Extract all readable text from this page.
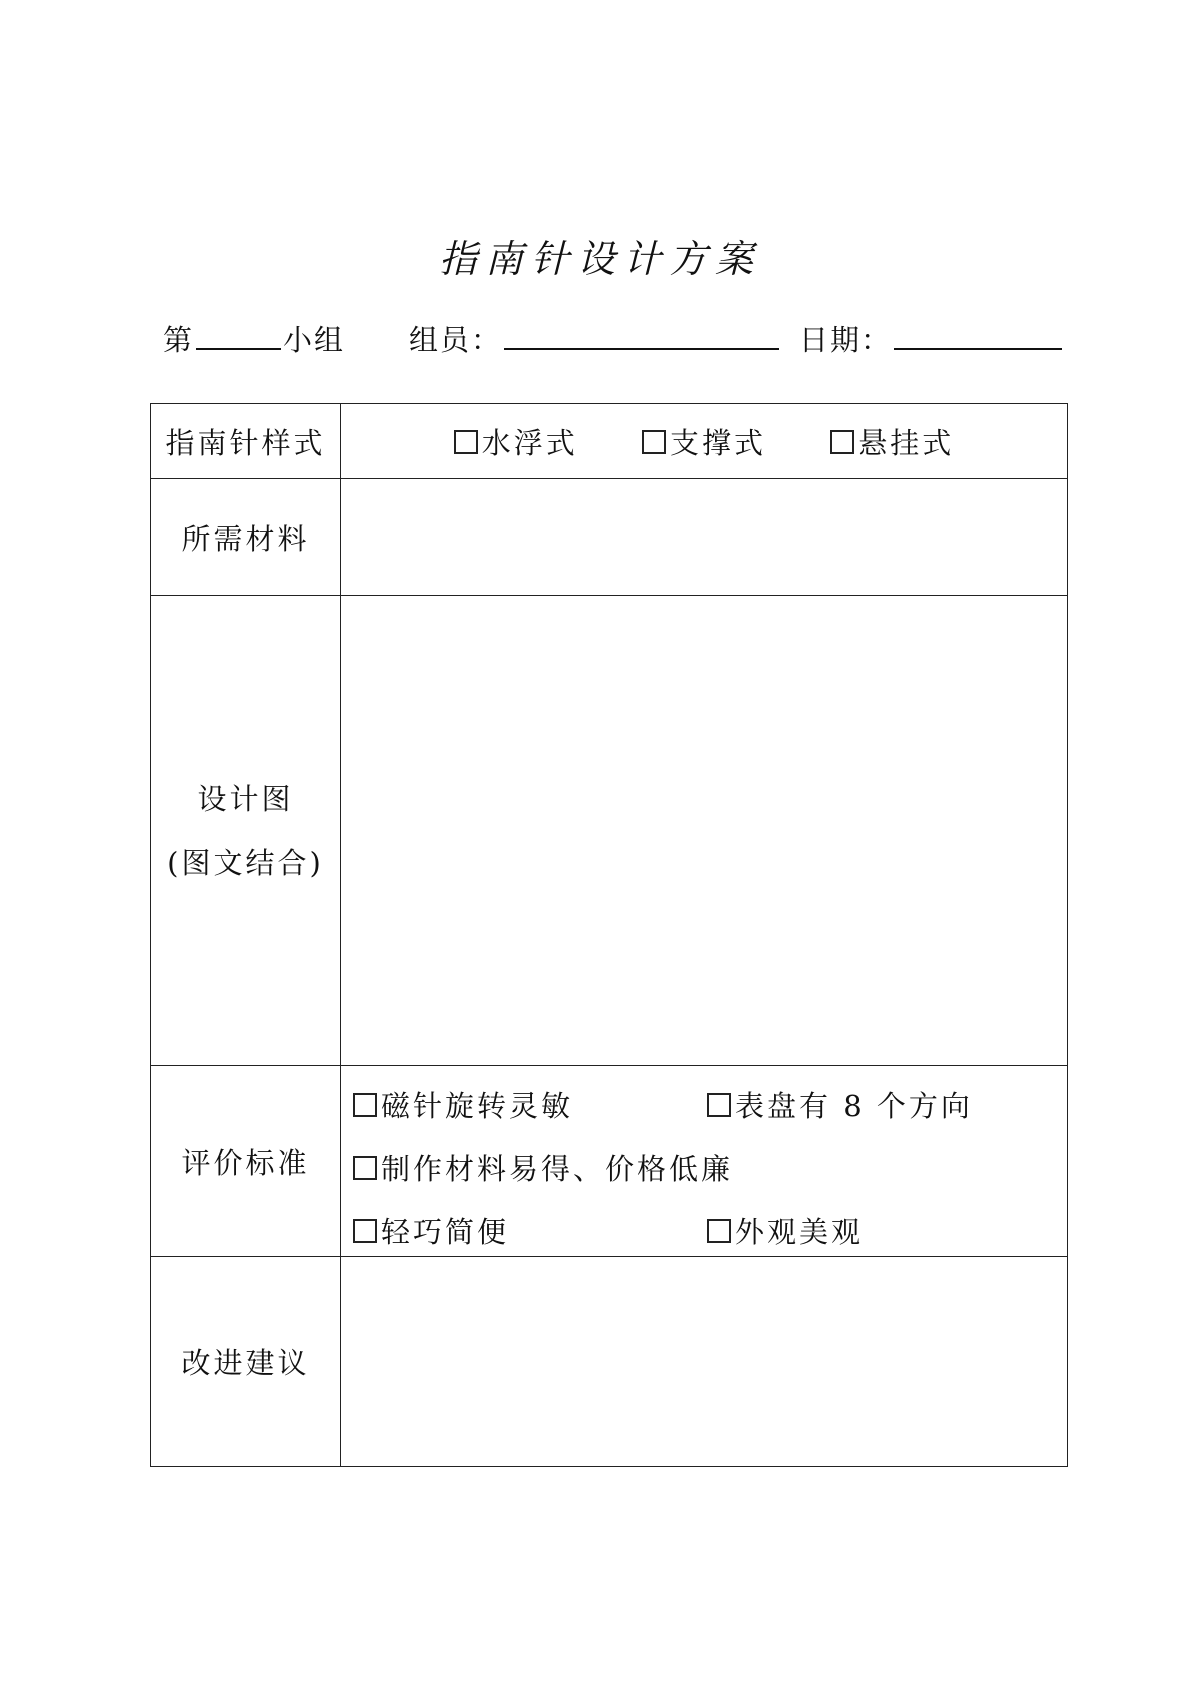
指南针设计方案
第	小组 组员：	日期：
指南针样式	水浮式 支撑式 悬挂式
所需材料	

设计图
(图文结合)	

评价标准	磁针旋转灵敏 表盘有 8 个方向
制作材料易得、价格低廉
轻巧简便 外观美观

改进建议	
